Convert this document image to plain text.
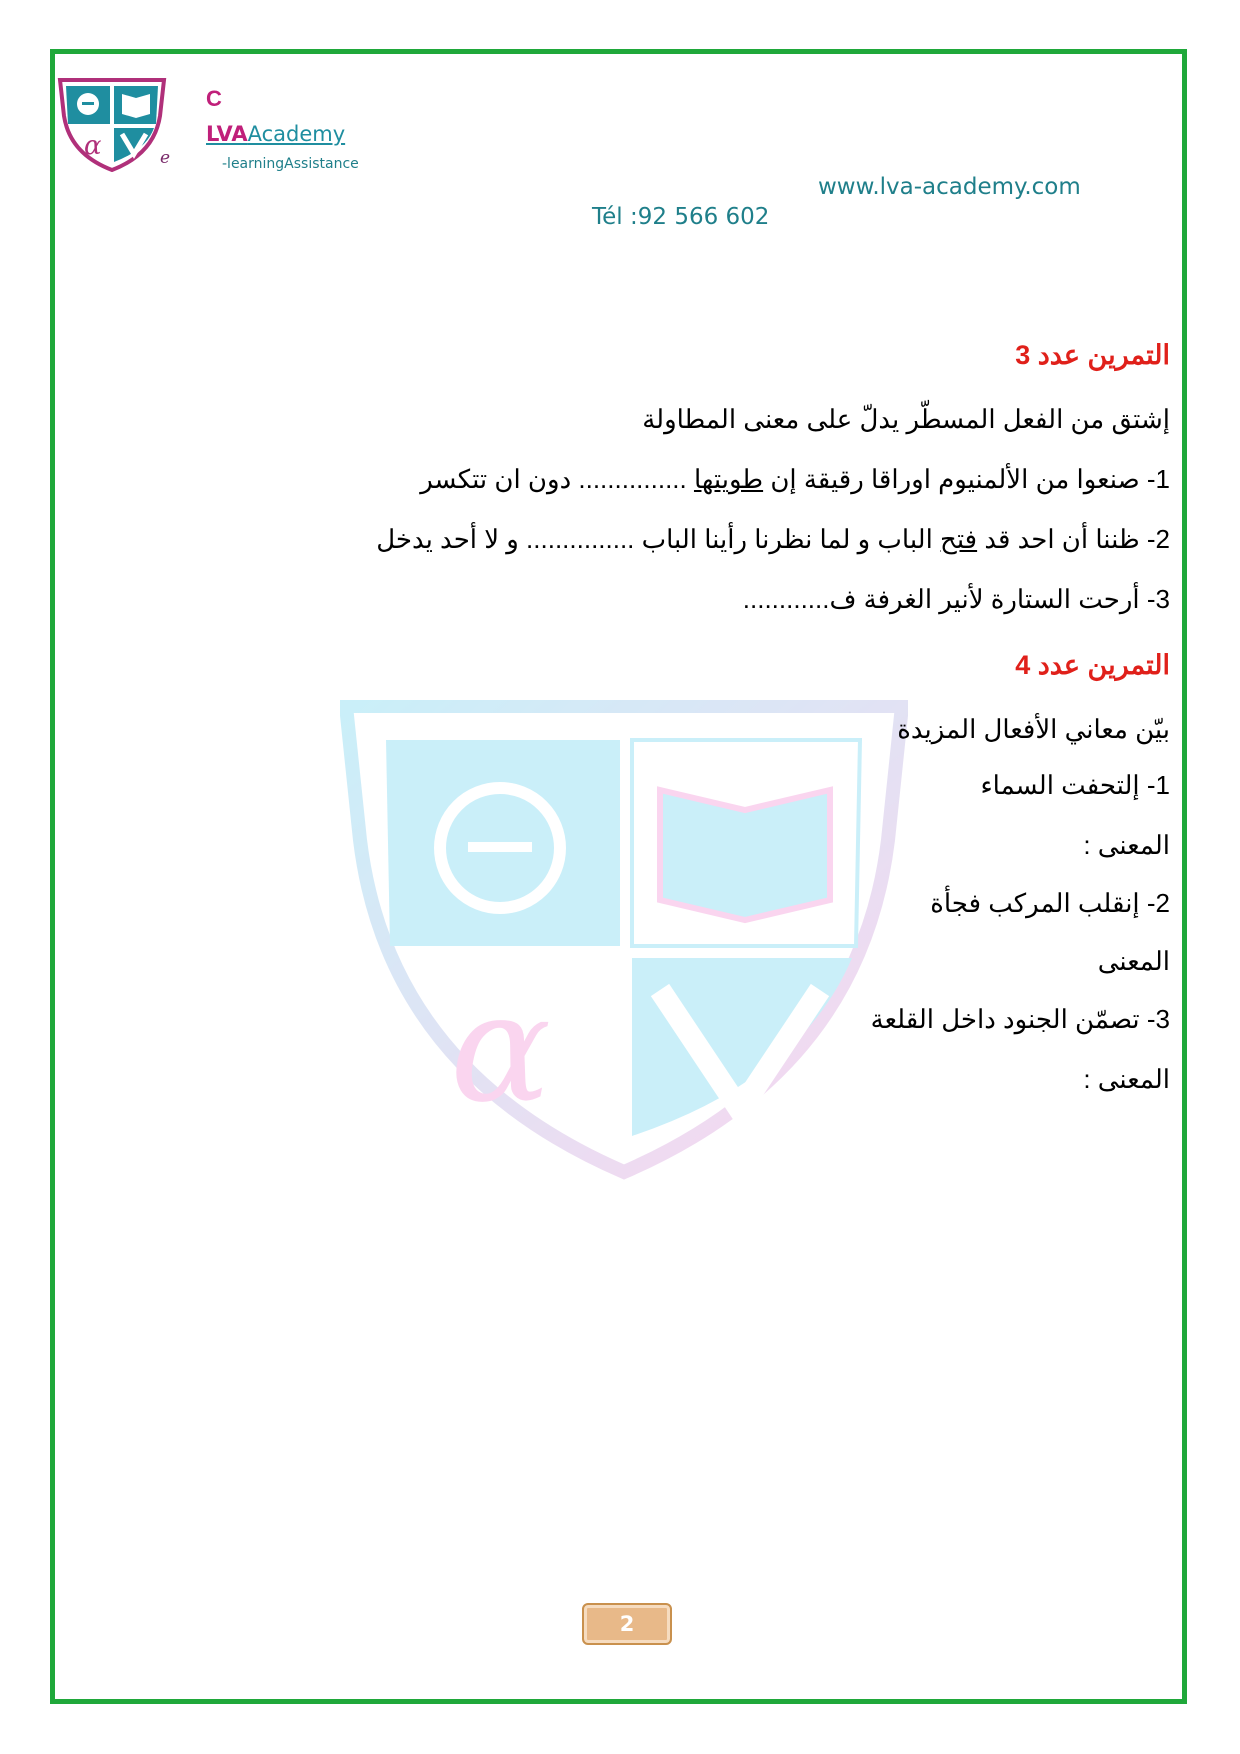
α	e
C
LVAAcademy
-learningAssistance
www.lva-academy.com
Tél :92 566 602
α
التمرين عدد 3
إشتق من الفعل المسطّر يدلّ على معنى المطاولة
1- صنعوا من الألمنيوم اوراقا رقيقة إن طويتها ............... دون ان تتكسر
2- ظننا أن احد قد فتح الباب و لما نظرنا رأينا الباب ............... و لا أحد يدخل
3- أرحت الستارة لأنير الغرفة ف............
التمرين عدد 4
بيّن معاني الأفعال المزيدة
1- إلتحفت السماء
المعنى :
2- إنقلب المركب فجأة
المعنى
3- تصمّن الجنود داخل القلعة
المعنى :
2
